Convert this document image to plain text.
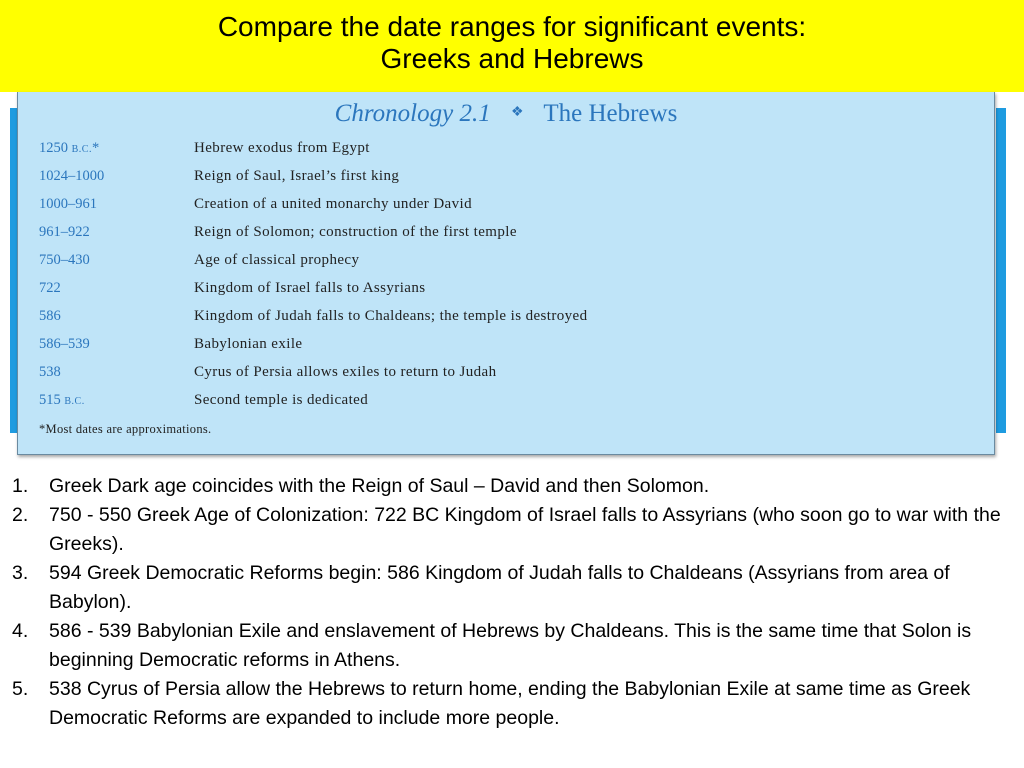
Compare the date ranges for significant events:
Greeks and Hebrews
Chronology 2.1 ❖ The Hebrews
1250 B.C.*	Hebrew exodus from Egypt
1024–1000	Reign of Saul, Israel’s first king
1000–961	Creation of a united monarchy under David
961–922	Reign of Solomon; construction of the first temple
750–430	Age of classical prophecy
722	Kingdom of Israel falls to Assyrians
586	Kingdom of Judah falls to Chaldeans; the temple is destroyed
586–539	Babylonian exile
538	Cyrus of Persia allows exiles to return to Judah
515 B.C.	Second temple is dedicated
*Most dates are approximations.
1. Greek Dark age coincides with the Reign of Saul – David and then Solomon.
2. 750 - 550 Greek Age of Colonization: 722 BC Kingdom of Israel falls to Assyrians (who soon go to war with the Greeks).
3. 594 Greek Democratic Reforms begin: 586 Kingdom of Judah falls to Chaldeans (Assyrians from area of Babylon).
4. 586 - 539 Babylonian Exile and enslavement of Hebrews by Chaldeans. This is the same time that Solon is beginning Democratic reforms in Athens.
5. 538 Cyrus of Persia allow the Hebrews to return home, ending the Babylonian Exile at same time as Greek Democratic Reforms are expanded to include more people.
